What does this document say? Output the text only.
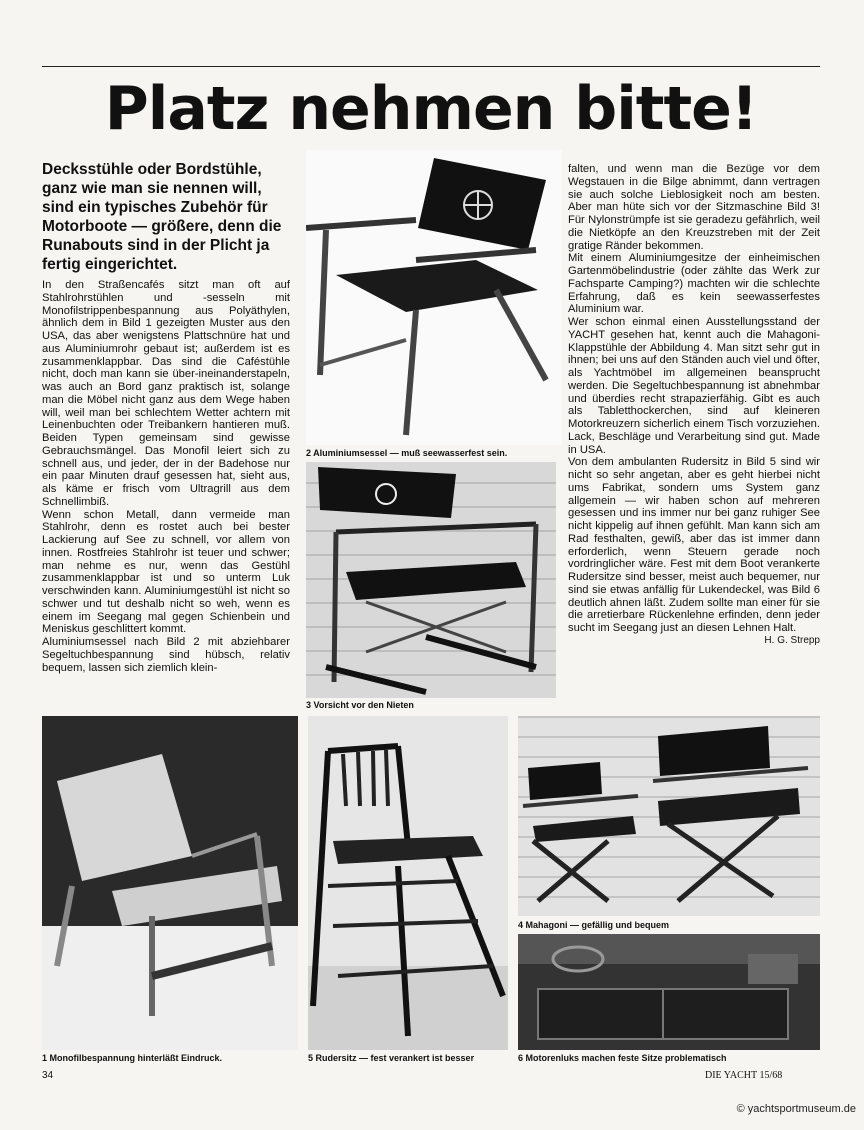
Platz nehmen bitte!

Decksstühle oder Bordstühle, ganz wie man sie nennen will, sind ein typisches Zubehör für Motorboote — größere, denn die Runabouts sind in der Plicht ja fertig eingerichtet.

In den Straßencafés sitzt man oft auf Stahlrohrstühlen und -sesseln mit Monofilstrippenbespannung aus Polyäthylen, ähnlich dem in Bild 1 gezeigten Muster aus den USA, das aber wenigstens Plattschnüre hat und aus Aluminiumrohr gebaut ist; außerdem ist es zusammenklappbar. Das sind die Caféstühle nicht, doch man kann sie über-ineinanderstapeln, was auch an Bord ganz praktisch ist, solange man die Möbel nicht ganz aus dem Wege haben will, weil man bei schlechtem Wetter achtern mit Leinenbuchten oder Treibankern hantieren muß. Beiden Typen gemeinsam sind gewisse Gebrauchsmängel. Das Monofil leiert sich zu schnell aus, und jeder, der in der Badehose nur ein paar Minuten drauf gesessen hat, sieht aus, als käme er frisch vom Ultragrill aus dem Schnellimbiß.

Wenn schon Metall, dann vermeide man Stahlrohr, denn es rostet auch bei bester Lackierung auf See zu schnell, vor allem von innen. Rostfreies Stahlrohr ist teuer und schwer; man nehme es nur, wenn das Gestühl zusammenklappbar ist und so unterm Luk verschwinden kann. Aluminiumgestühl ist nicht so schwer und tut deshalb nicht so weh, wenn es einem im Seegang mal gegen Schienbein und Meniskus geschlittert kommt.

Aluminiumsessel nach Bild 2 mit abziehbarer Segeltuchbespannung sind hübsch, relativ bequem, lassen sich ziemlich klein-

falten, und wenn man die Bezüge vor dem Wegstauen in die Bilge abnimmt, dann vertragen sie auch solche Lieblosigkeit noch am besten. Aber man hüte sich vor der Sitzmaschine Bild 3! Für Nylonstrümpfe ist sie geradezu gefährlich, weil die Nietköpfe an den Kreuzstreben mit der Zeit gratige Ränder bekommen.

Mit einem Aluminiumgesitze der einheimischen Gartenmöbelindustrie (oder zählte das Werk zur Fachsparte Camping?) machten wir die schlechte Erfahrung, daß es kein seewasserfestes Aluminium war.

Wer schon einmal einen Ausstellungsstand der YACHT gesehen hat, kennt auch die Mahagoni-Klappstühle der Abbildung 4. Man sitzt sehr gut in ihnen; bei uns auf den Ständen auch viel und öfter, als Yachtmöbel im allgemeinen beansprucht werden. Die Segeltuchbespannung ist abnehmbar und überdies recht strapazierfähig. Gibt es auch als Tabletthockerchen, sind auf kleineren Motorkreuzern sicherlich einem Tisch vorzuziehen. Lack, Beschläge und Verarbeitung sind gut. Made in USA.

Von dem ambulanten Rudersitz in Bild 5 sind wir nicht so sehr angetan, aber es geht hierbei nicht ums Fabrikat, sondern ums System ganz allgemein — wir haben schon auf mehreren gesessen und ins immer nur bei ganz ruhiger See nicht kippelig auf ihnen gefühlt. Man kann sich am Rad festhalten, gewiß, aber das ist immer dann erforderlich, wenn Steuern gerade noch vordringlicher wäre. Fest mit dem Boot verankerte Rudersitze sind besser, meist auch bequemer, nur sind sie etwas anfällig für Lukendeckel, was Bild 6 deutlich ahnen läßt. Zudem sollte man einer für sie die arretierbare Rückenlehne erfinden, denn jeder sucht im Seegang just an diesen Lehnen Halt.

H. G. Strepp
2 Aluminiumsessel — muß seewasserfest sein.
3 Vorsicht vor den Nieten
1 Monofilbespannung hinterläßt Eindruck.	5 Rudersitz — fest verankert ist besser
4 Mahagoni — gefällig und bequem
6 Motorenluks machen feste Sitze problematisch
34	DIE YACHT 15/68
© yachtsportmuseum.de
